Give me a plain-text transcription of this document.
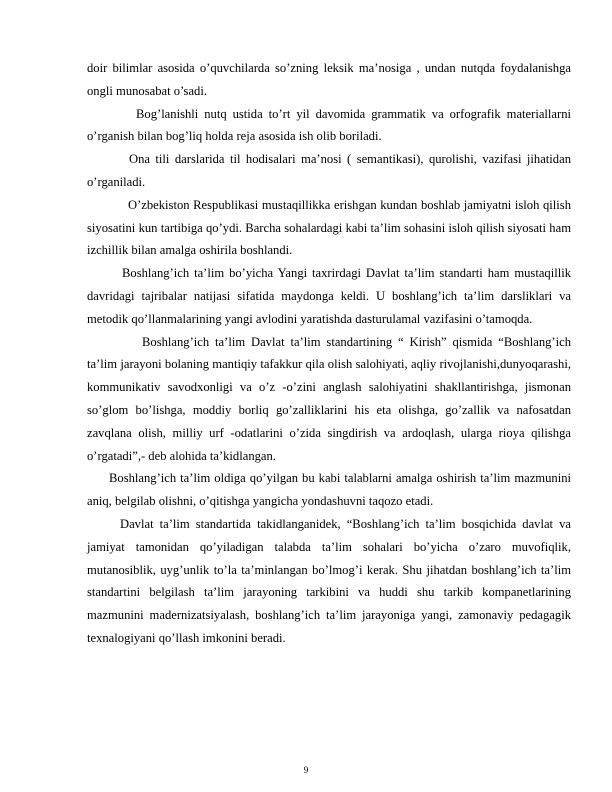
doir bilimlar asosida o’quvchilarda so’zning leksik ma’nosiga , undan nutqda foydalanishga ongli munosabat o’sadi.

Bog’lanishli nutq ustida to’rt yil davomida grammatik va orfografik materiallarni o’rganish bilan bog’liq holda reja asosida ish olib boriladi.

Ona tili darslarida til hodisalari ma’nosi ( semantikasi), qurolishi, vazifasi jihatidan o’rganiladi.

O’zbekiston Respublikasi mustaqillikka erishgan kundan boshlab jamiyatni isloh qilish siyosatini kun tartibiga qo’ydi. Barcha sohalardagi kabi ta’lim sohasini isloh qilish siyosati ham izchillik bilan amalga oshirila boshlandi.

Boshlang’ich ta’lim bo’yicha Yangi taxrirdagi Davlat ta’lim standarti ham mustaqillik davridagi tajribalar natijasi sifatida maydonga keldi. U boshlang’ich ta’lim darsliklari va metodik qo’llanmalarining yangi avlodini yaratishda dasturulamal vazifasini o’tamoqda.

Boshlang’ich ta’lim Davlat ta’lim standartining “ Kirish” qismida “Boshlang’ich ta’lim jarayoni bolaning mantiqiy tafakkur qila olish salohiyati, aqliy rivojlanishi,dunyoqarashi, kommunikativ savodxonligi va o’z -o’zini anglash salohiyatini shakllantirishga, jismonan so’glom bo’lishga, moddiy borliq go’zalliklarini his eta olishga, go’zallik va nafosatdan zavqlana olish, milliy urf -odatlarini o’zida singdirish va ardoqlash, ularga rioya qilishga o’rgatadi”,- deb alohida ta’kidlangan.

Boshlang’ich ta’lim oldiga qo’yilgan bu kabi talablarni amalga oshirish ta’lim mazmunini aniq, belgilab olishni, o’qitishga yangicha yondashuvni taqozo etadi.

Davlat ta’lim standartida takidlanganidek, “Boshlang’ich ta’lim bosqichida davlat va jamiyat tamonidan qo’yiladigan talabda ta’lim sohalari bo’yicha o’zaro muvofiqlik, mutanosiblik, uyg’unlik to’la ta’minlangan bo’lmog’i kerak. Shu jihatdan boshlang’ich ta’lim standartini belgilash ta’lim jarayoning tarkibini va huddi shu tarkib kompanetlarining mazmunini madernizatsiyalash, boshlang’ich ta’lim jarayoniga yangi, zamonaviy pedagagik texnalogiyani qo’llash imkonini beradi.

9
